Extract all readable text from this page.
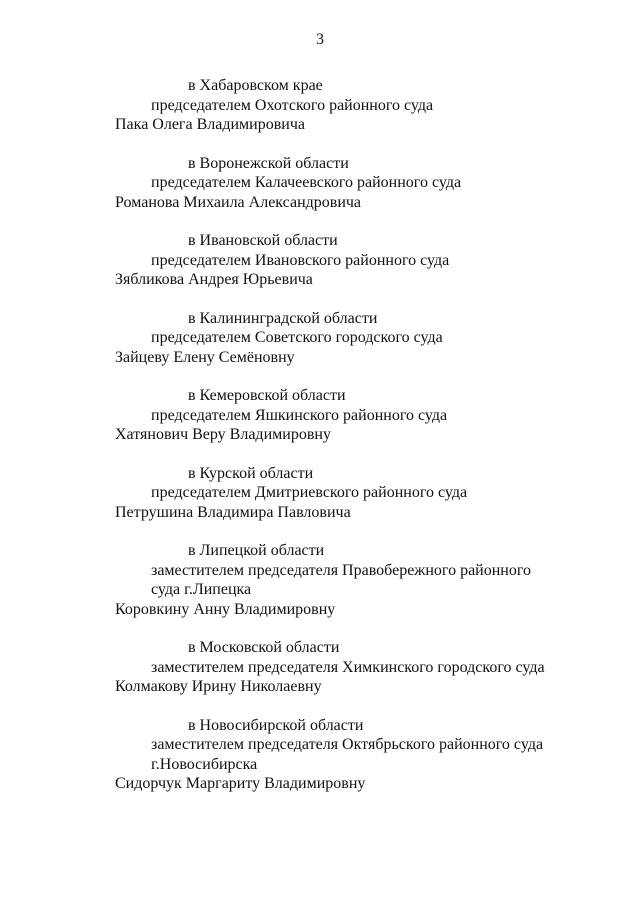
3
в Хабаровском крае
председателем Охотского районного суда
Пака Олега Владимировича
в Воронежской области
председателем Калачеевского районного суда
Романова Михаила Александровича
в Ивановской области
председателем Ивановского районного суда
Зябликова Андрея Юрьевича
в Калининградской области
председателем Советского городского суда
Зайцеву Елену Семёновну
в Кемеровской области
председателем Яшкинского районного суда
Хатянович Веру Владимировну
в Курской области
председателем Дмитриевского районного суда
Петрушина Владимира Павловича
в Липецкой области
заместителем председателя Правобережного районного
суда г.Липецка
Коровкину Анну Владимировну
в Московской области
заместителем председателя Химкинского городского суда
Колмакову Ирину Николаевну
в Новосибирской области
заместителем председателя Октябрьского районного суда
г.Новосибирска
Сидорчук Маргариту Владимировну
